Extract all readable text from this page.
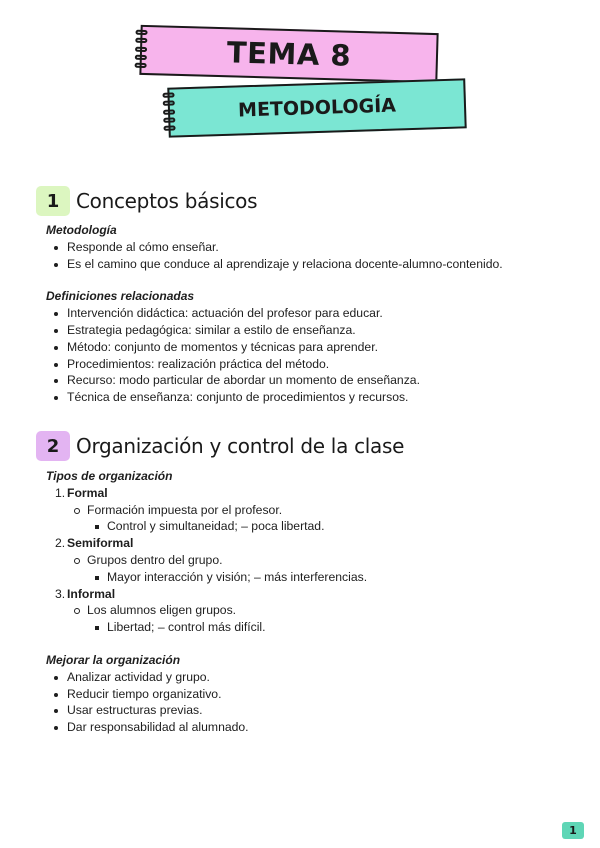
TEMA 8
METODOLOGÍA
1 Conceptos básicos
Metodología
Responde al cómo enseñar.
Es el camino que conduce al aprendizaje y relaciona docente-alumno-contenido.
Definiciones relacionadas
Intervención didáctica: actuación del profesor para educar.
Estrategia pedagógica: similar a estilo de enseñanza.
Método: conjunto de momentos y técnicas para aprender.
Procedimientos: realización práctica del método.
Recurso: modo particular de abordar un momento de enseñanza.
Técnica de enseñanza: conjunto de procedimientos y recursos.
2 Organización y control de la clase
Tipos de organización
1. Formal
Formación impuesta por el profesor.
Control y simultaneidad; – poca libertad.
2. Semiformal
Grupos dentro del grupo.
Mayor interacción y visión; – más interferencias.
3. Informal
Los alumnos eligen grupos.
Libertad; – control más difícil.
Mejorar la organización
Analizar actividad y grupo.
Reducir tiempo organizativo.
Usar estructuras previas.
Dar responsabilidad al alumnado.
1
